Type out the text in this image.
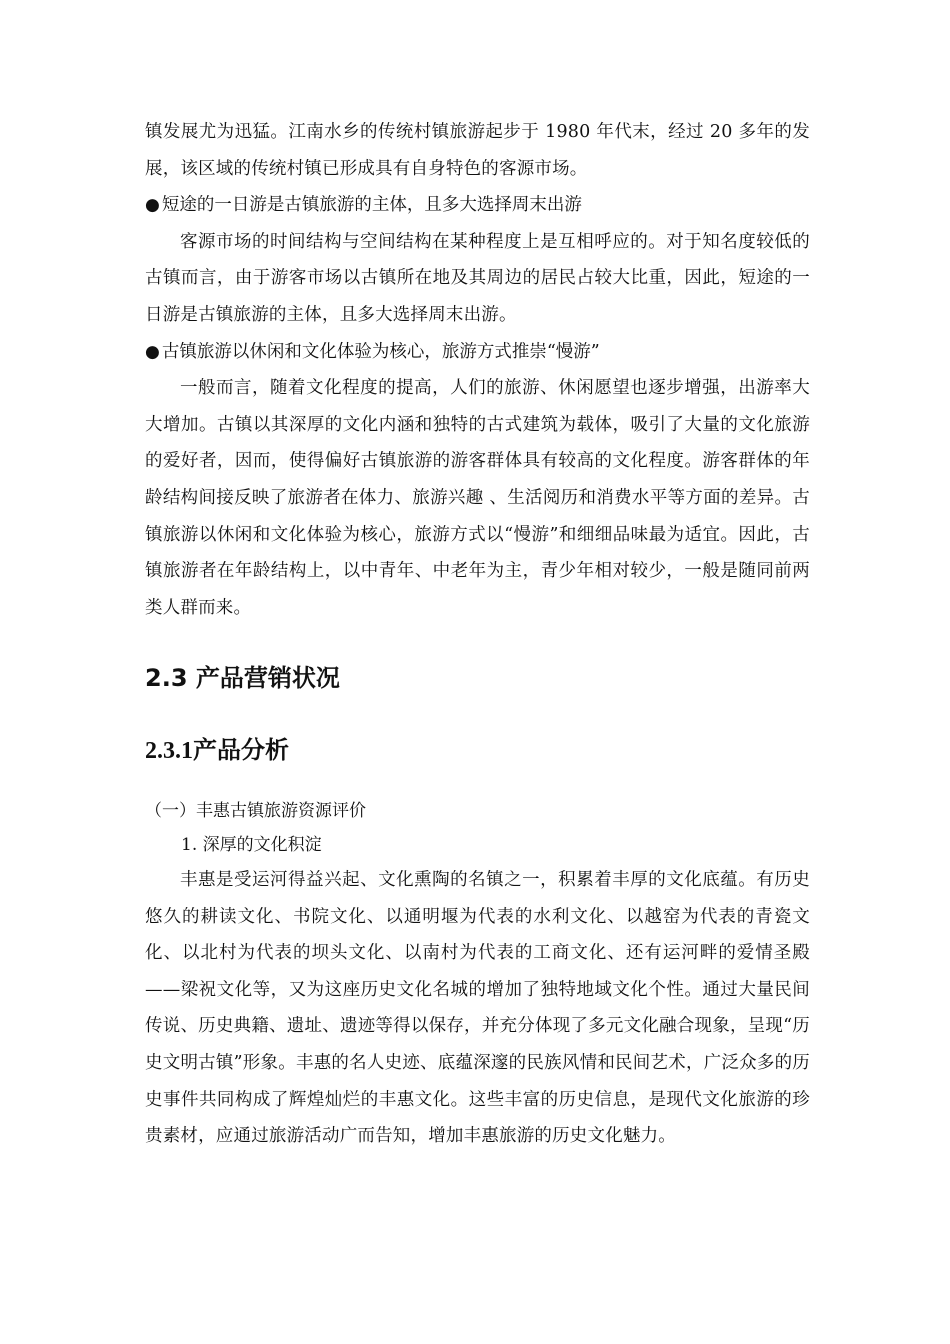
镇发展尤为迅猛。江南水乡的传统村镇旅游起步于 1980 年代末，经过 20 多年的发展，该区域的传统村镇已形成具有自身特色的客源市场。

● 短途的一日游是古镇旅游的主体，且多大选择周末出游

客源市场的时间结构与空间结构在某种程度上是互相呼应的。对于知名度较低的古镇而言，由于游客市场以古镇所在地及其周边的居民占较大比重，因此，短途的一日游是古镇旅游的主体，且多大选择周末出游。

● 古镇旅游以休闲和文化体验为核心，旅游方式推崇“慢游”

一般而言，随着文化程度的提高，人们的旅游、休闲愿望也逐步增强，出游率大大增加。古镇以其深厚的文化内涵和独特的古式建筑为载体，吸引了大量的文化旅游的爱好者，因而，使得偏好古镇旅游的游客群体具有较高的文化程度。游客群体的年龄结构间接反映了旅游者在体力、旅游兴趣 、生活阅历和消费水平等方面的差异。古镇旅游以休闲和文化体验为核心，旅游方式以“慢游”和细细品味最为适宜。因此，古镇旅游者在年龄结构上，以中青年、中老年为主，青少年相对较少，一般是随同前两类人群而来。

2.3 产品营销状况
2.3.1产品分析

（一）丰惠古镇旅游资源评价

1. 深厚的文化积淀

丰惠是受运河得益兴起、文化熏陶的名镇之一，积累着丰厚的文化底蕴。有历史悠久的耕读文化、书院文化、以通明堰为代表的水利文化、以越窑为代表的青瓷文化、以北村为代表的坝头文化、以南村为代表的工商文化、还有运河畔的爱情圣殿——梁祝文化等，又为这座历史文化名城的增加了独特地域文化个性。通过大量民间传说、历史典籍、遗址、遗迹等得以保存，并充分体现了多元文化融合现象，呈现“历史文明古镇”形象。丰惠的名人史迹、底蕴深邃的民族风情和民间艺术，广泛众多的历史事件共同构成了辉煌灿烂的丰惠文化。这些丰富的历史信息，是现代文化旅游的珍贵素材，应通过旅游活动广而告知，增加丰惠旅游的历史文化魅力。
